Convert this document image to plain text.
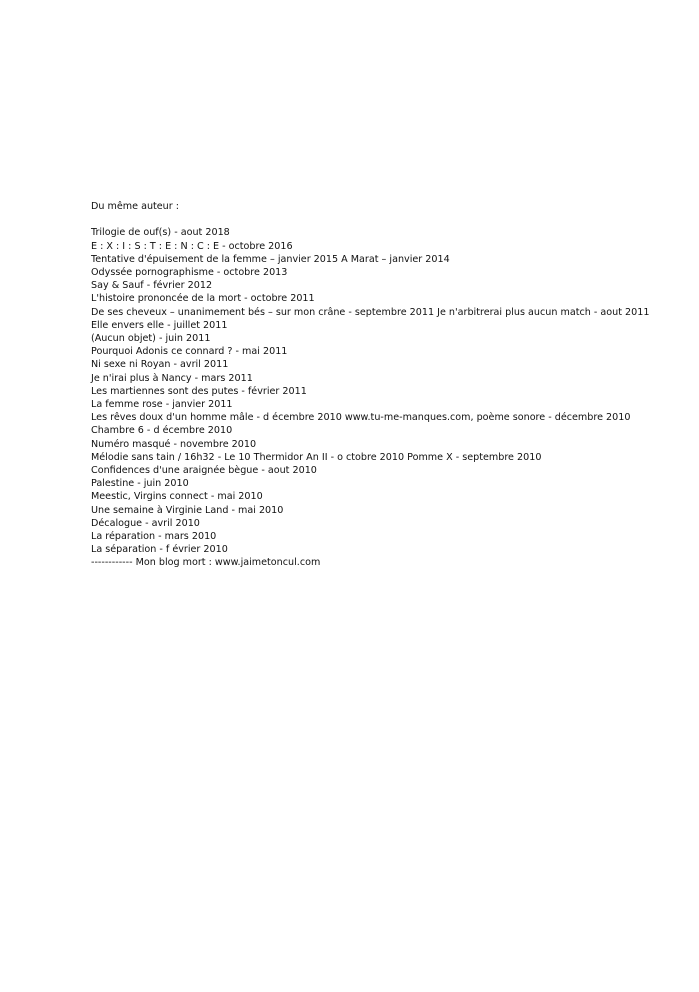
Du même auteur :

Trilogie de ouf(s) - aout 2018
E : X : I : S : T : E : N : C : E - octobre 2016
Tentative d'épuisement de la femme – janvier 2015 A Marat – janvier 2014
Odyssée pornographisme - octobre 2013
Say & Sauf - février 2012
L'histoire prononcée de la mort - octobre 2011
De ses cheveux – unanimement bés – sur mon crâne - septembre 2011 Je n'arbitrerai plus aucun match - aout 2011
Elle envers elle - juillet 2011
(Aucun objet) - juin 2011
Pourquoi Adonis ce connard ? - mai 2011
Ni sexe ni Royan - avril 2011
Je n'irai plus à Nancy - mars 2011
Les martiennes sont des putes - février 2011
La femme rose - janvier 2011
Les rêves doux d'un homme mâle - d écembre 2010 www.tu-me-manques.com, poème sonore - décembre 2010
Chambre 6 - d écembre 2010
Numéro masqué - novembre 2010
Mélodie sans tain / 16h32 - Le 10 Thermidor An II - o ctobre 2010 Pomme X - septembre 2010
Confidences d'une araignée bègue - aout 2010
Palestine - juin 2010
Meestic, Virgins connect - mai 2010
Une semaine à Virginie Land - mai 2010
Décalogue - avril 2010
La réparation - mars 2010
La séparation - f évrier 2010

------------ Mon blog mort : www.jaimetoncul.com
